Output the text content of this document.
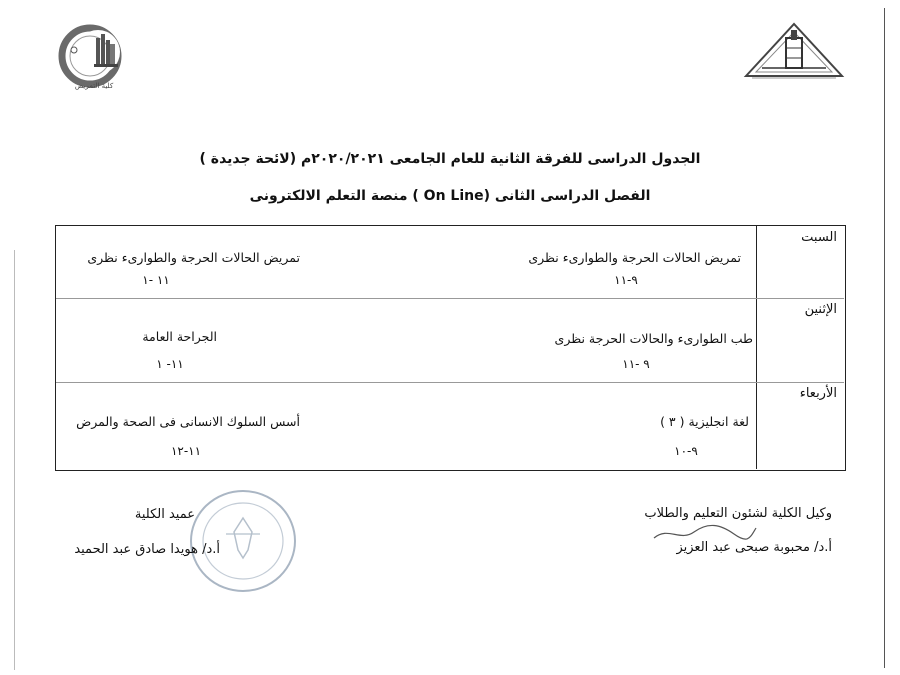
كلية التمريض
الجدول الدراسى للفرقة الثانية للعام الجامعى ٢٠٢٠/٢٠٢١م (لائحة جديدة )
الفصل الدراسى الثانى (On Line ) منصة التعلم الالكترونى
السبت
تمريض الحالات الحرجة والطوارىء نظرى
٩-١١
تمريض الحالات الحرجة والطوارىء نظرى
١١ -١
الإثنين
طب الطوارىء والحالات الحرجة نظرى
٩ -١١
الجراحة العامة
١١- ١
الأربعاء
لغة انجليزية ( ٣ )
٩-١٠
أسس السلوك الانسانى فى الصحة والمرض
١١-١٢
وكيل الكلية لشئون التعليم والطلاب
أ.د/ محبوبة صبحى عبد العزيز
عميد الكلية
أ.د/ هويدا صادق عبد الحميد
